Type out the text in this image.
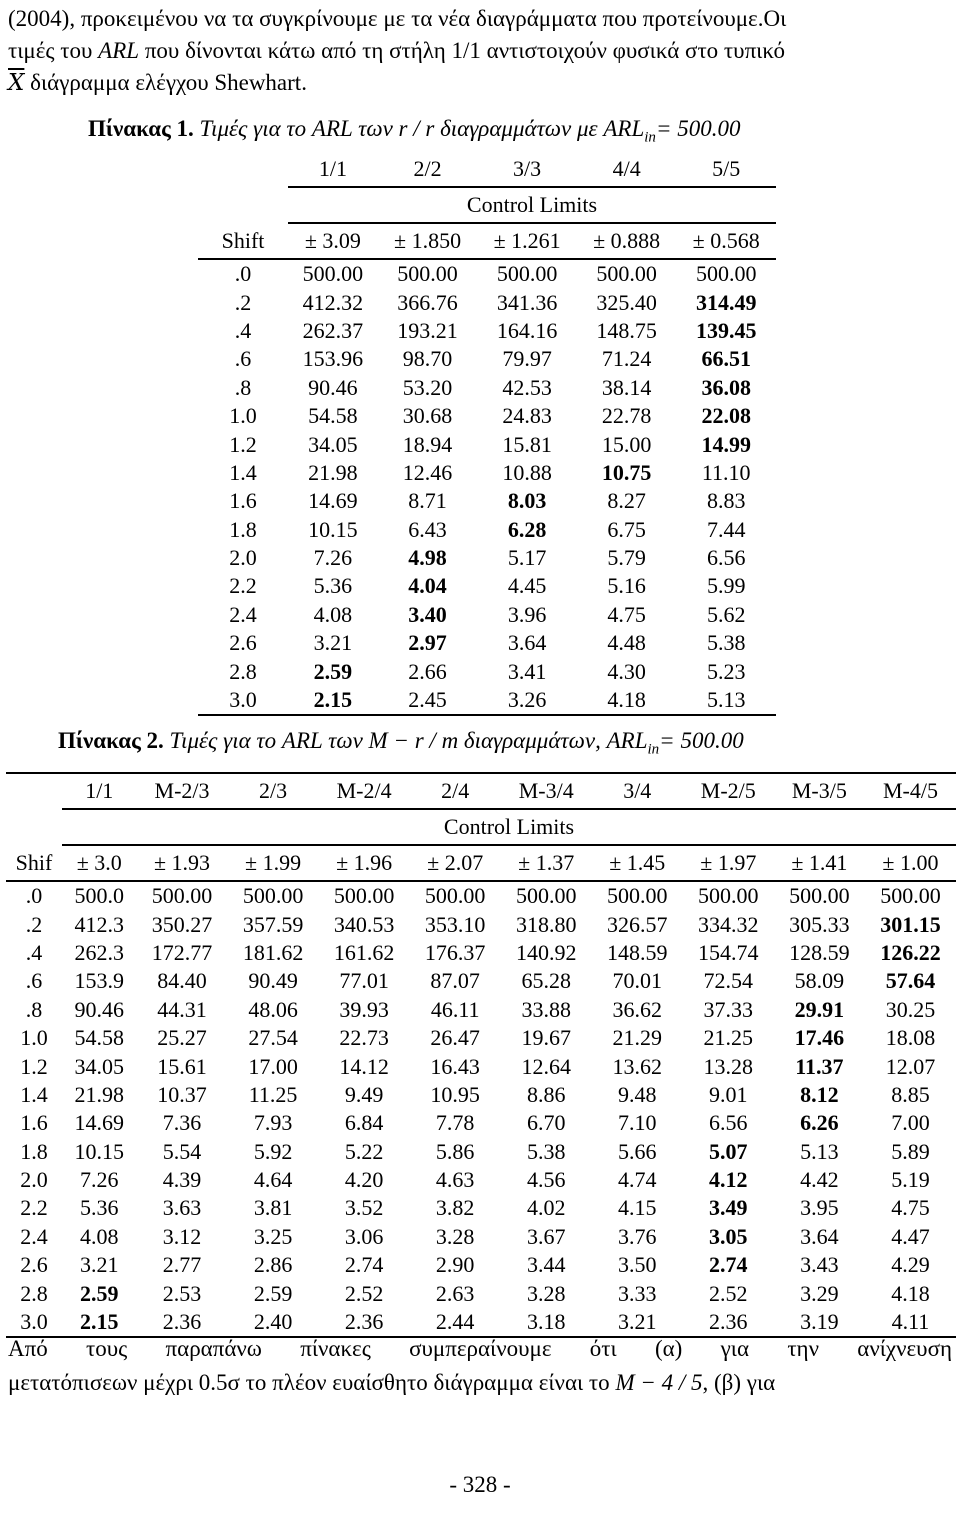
(2004), προκειμένου να τα συγκρίνουμε με τα νέα διαγράμματα που προτείνουμε.Οι
τιμές του ARL που δίνονται κάτω από τη στήλη 1/1 αντιστοιχούν φυσικά στο τυπικό
$\overline{X}$ διάγραμμα ελέγχου Shewhart.
Πίνακας 1. Τιμές για το ARL των r / r διαγραμμάτων με $ARL_{in}= 500.00$
	1/1	2/2	3/3	4/4	5/5
	Control Limits				
Shift	± 3.09	± 1.850	± 1.261	± 0.888	± 0.568
.0	500.00	500.00	500.00	500.00	500.00
.2	412.32	366.76	341.36	325.40	314.49
.4	262.37	193.21	164.16	148.75	139.45
.6	153.96	98.70	79.97	71.24	66.51
.8	90.46	53.20	42.53	38.14	36.08
1.0	54.58	30.68	24.83	22.78	22.08
1.2	34.05	18.94	15.81	15.00	14.99
1.4	21.98	12.46	10.88	10.75	11.10
1.6	14.69	8.71	8.03	8.27	8.83
1.8	10.15	6.43	6.28	6.75	7.44
2.0	7.26	4.98	5.17	5.79	6.56
2.2	5.36	4.04	4.45	5.16	5.99
2.4	4.08	3.40	3.96	4.75	5.62
2.6	3.21	2.97	3.64	4.48	5.38
2.8	2.59	2.66	3.41	4.30	5.23
3.0	2.15	2.45	3.26	4.18	5.13
Πίνακας 2. Τιμές για το ARL των M − r / m διαγραμμάτων, $ARL_{in}= 500.00$
	1/1	M-2/3	2/3	M-2/4	2/4	M-3/4	3/4	M-2/5	M-3/5	M-4/5
	Control Limits									
Shif	± 3.0	± 1.93	± 1.99	± 1.96	± 2.07	± 1.37	± 1.45	± 1.97	± 1.41	± 1.00
.0	500.0	500.00	500.00	500.00	500.00	500.00	500.00	500.00	500.00	500.00
.2	412.3	350.27	357.59	340.53	353.10	318.80	326.57	334.32	305.33	301.15
.4	262.3	172.77	181.62	161.62	176.37	140.92	148.59	154.74	128.59	126.22
.6	153.9	84.40	90.49	77.01	87.07	65.28	70.01	72.54	58.09	57.64
.8	90.46	44.31	48.06	39.93	46.11	33.88	36.62	37.33	29.91	30.25
1.0	54.58	25.27	27.54	22.73	26.47	19.67	21.29	21.25	17.46	18.08
1.2	34.05	15.61	17.00	14.12	16.43	12.64	13.62	13.28	11.37	12.07
1.4	21.98	10.37	11.25	9.49	10.95	8.86	9.48	9.01	8.12	8.85
1.6	14.69	7.36	7.93	6.84	7.78	6.70	7.10	6.56	6.26	7.00
1.8	10.15	5.54	5.92	5.22	5.86	5.38	5.66	5.07	5.13	5.89
2.0	7.26	4.39	4.64	4.20	4.63	4.56	4.74	4.12	4.42	5.19
2.2	5.36	3.63	3.81	3.52	3.82	4.02	4.15	3.49	3.95	4.75
2.4	4.08	3.12	3.25	3.06	3.28	3.67	3.76	3.05	3.64	4.47
2.6	3.21	2.77	2.86	2.74	2.90	3.44	3.50	2.74	3.43	4.29
2.8	2.59	2.53	2.59	2.52	2.63	3.28	3.33	2.52	3.29	4.18
3.0	2.15	2.36	2.40	2.36	2.44	3.18	3.21	2.36	3.19	4.11
Από τους παραπάνω πίνακες συμπεραίνουμε ότι (α) για την ανίχνευση
μετατόπισεων μέχρι 0.5σ το πλέον ευαίσθητο διάγραμμα είναι το M − 4 / 5, (β) για
- 328 -
